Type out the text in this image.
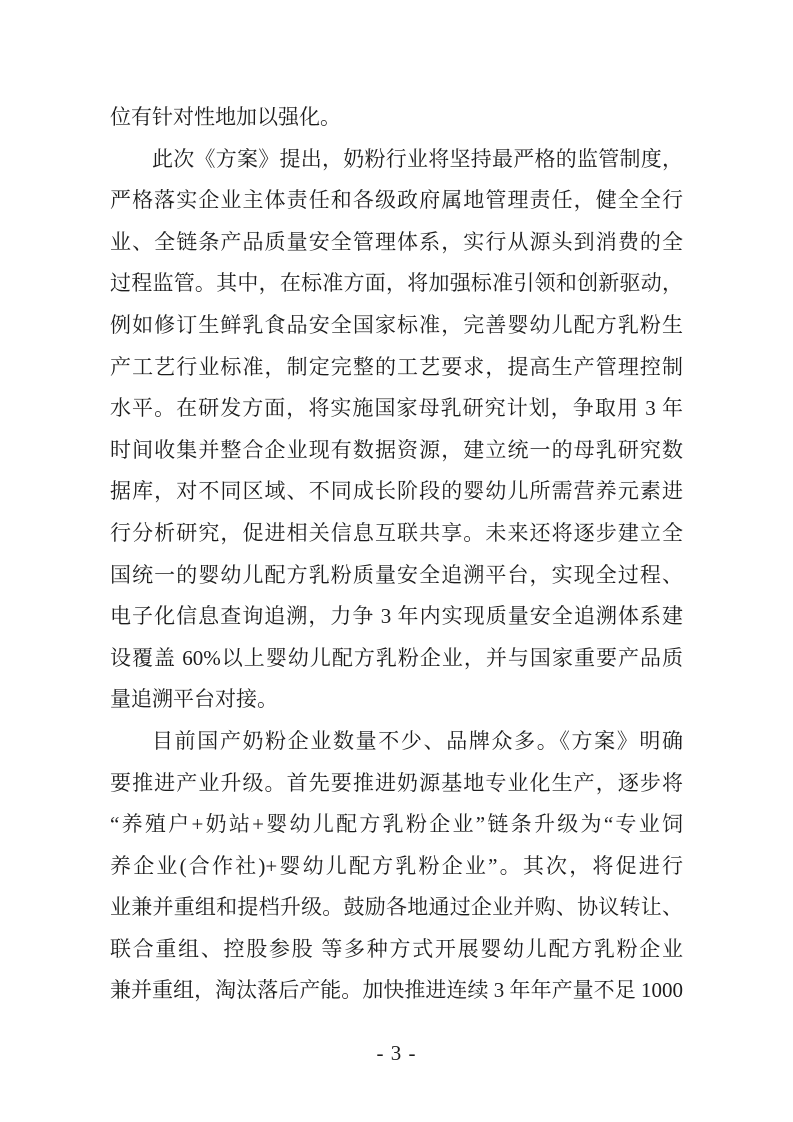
位有针对性地加以强化。
此次《方案》提出，奶粉行业将坚持最严格的监管制度，
严格落实企业主体责任和各级政府属地管理责任，健全全行
业、全链条产品质量安全管理体系，实行从源头到消费的全
过程监管。其中，在标准方面，将加强标准引领和创新驱动，
例如修订生鲜乳食品安全国家标准，完善婴幼儿配方乳粉生
产工艺行业标准，制定完整的工艺要求，提高生产管理控制
水平。在研发方面，将实施国家母乳研究计划，争取用 3 年
时间收集并整合企业现有数据资源，建立统一的母乳研究数
据库，对不同区域、不同成长阶段的婴幼儿所需营养元素进
行分析研究，促进相关信息互联共享。未来还将逐步建立全
国统一的婴幼儿配方乳粉质量安全追溯平台，实现全过程、
电子化信息查询追溯，力争 3 年内实现质量安全追溯体系建
设覆盖 60%以上婴幼儿配方乳粉企业，并与国家重要产品质
量追溯平台对接。
目前国产奶粉企业数量不少、品牌众多。《方案》明确
要推进产业升级。首先要推进奶源基地专业化生产，逐步将
“养殖户+奶站+婴幼儿配方乳粉企业”链条升级为“专业饲
养企业(合作社)+婴幼儿配方乳粉企业”。其次，将促进行
业兼并重组和提档升级。鼓励各地通过企业并购、协议转让、
联合重组、控股参股 等多种方式开展婴幼儿配方乳粉企业
兼并重组，淘汰落后产能。加快推进连续 3 年年产量不足 1000
- 3 -
